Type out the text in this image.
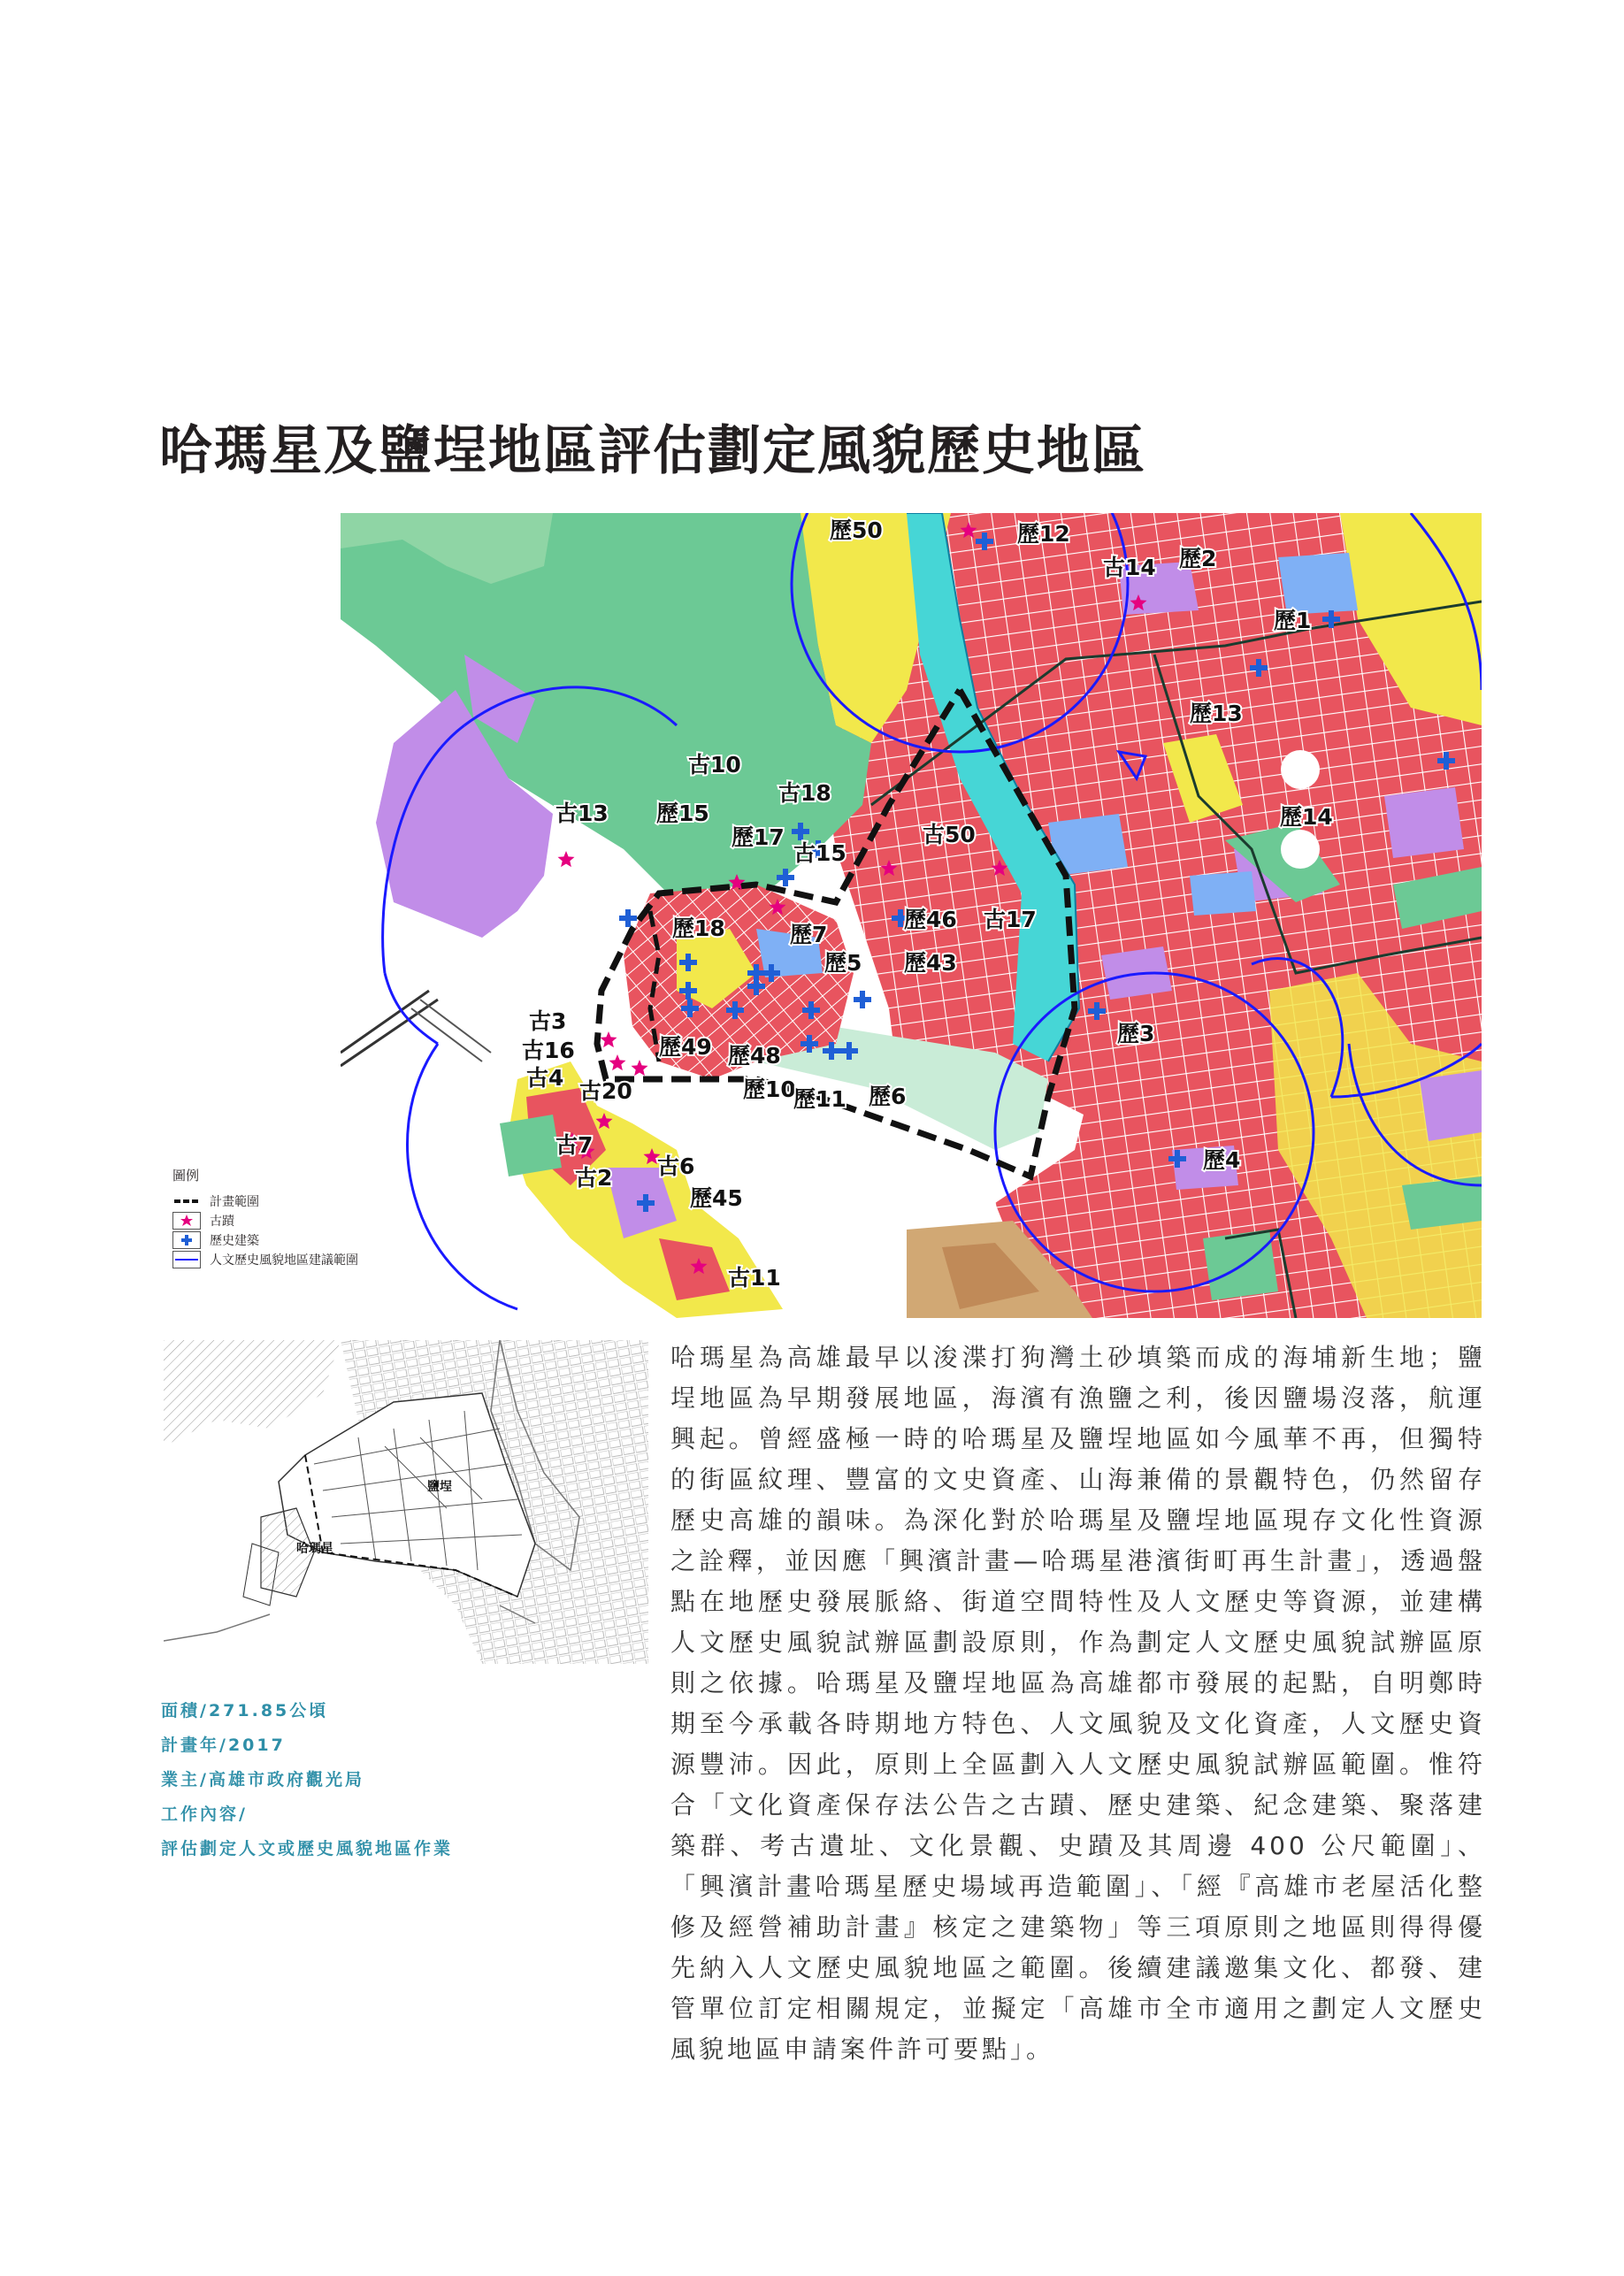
哈瑪星及鹽埕地區評估劃定風貌歷史地區
歷50	歷12
古14 歷2
歷1
歷13
古10
古13 歷15
古18
歷17
古15
古50
歷14
歷18	歷46 古17
歷7
歷5 歷43
古3	歷3
古16	歷49 歷48
古4
古20	歷10
歷11 歷6
古7
古6	歷4
古2
歷45
古11
圖例
計畫範圍
古蹟
歷史建築
人文歷史風貌地區建議範圍
鹽埕
哈瑪星
面積/271.85公頃
計畫年/2017
業主/高雄市政府觀光局
工作內容/
評估劃定人文或歷史風貌地區作業

哈瑪星為高雄最早以浚渫打狗灣土砂填築而成的海埔新生地；鹽埕地區為早期發展地區，海濱有漁鹽之利，後因鹽場沒落，航運興起。曾經盛極一時的哈瑪星及鹽埕地區如今風華不再，但獨特的街區紋理、豐富的文史資產、山海兼備的景觀特色，仍然留存歷史高雄的韻味。為深化對於哈瑪星及鹽埕地區現存文化性資源之詮釋，並因應「興濱計畫—哈瑪星港濱街町再生計畫」，透過盤點在地歷史發展脈絡、街道空間特性及人文歷史等資源，並建構人文歷史風貌試辦區劃設原則，作為劃定人文歷史風貌試辦區原則之依據。哈瑪星及鹽埕地區為高雄都市發展的起點，自明鄭時期至今承載各時期地方特色、人文風貌及文化資產，人文歷史資源豐沛。因此，原則上全區劃入人文歷史風貌試辦區範圍。惟符合「文化資產保存法公告之古蹟、歷史建築、紀念建築、聚落建築群、考古遺址、文化景觀、史蹟及其周邊 400 公尺範圍」、「興濱計畫哈瑪星歷史場域再造範圍」、「經『高雄市老屋活化整修及經營補助計畫』核定之建築物」等三項原則之地區則得得優先納入人文歷史風貌地區之範圍。後續建議邀集文化、都發、建管單位訂定相關規定，並擬定「高雄市全市適用之劃定人文歷史風貌地區申請案件許可要點」。
